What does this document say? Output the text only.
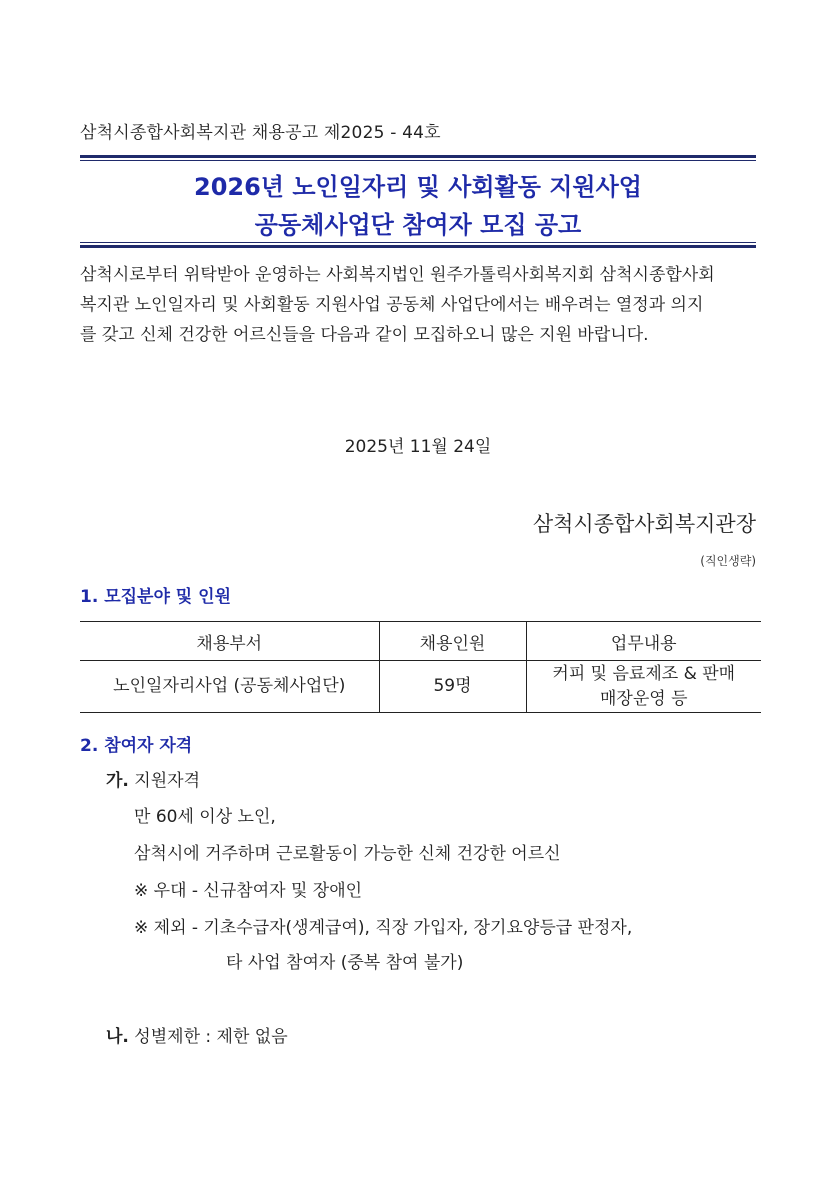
삼척시종합사회복지관 채용공고 제2025 - 44호
2026년 노인일자리 및 사회활동 지원사업
공동체사업단 참여자 모집 공고
삼척시로부터 위탁받아 운영하는 사회복지법인 원주가톨릭사회복지회 삼척시종합사회
복지관 노인일자리 및 사회활동 지원사업 공동체 사업단에서는 배우려는 열정과 의지
를 갖고 신체 건강한 어르신들을 다음과 같이 모집하오니 많은 지원 바랍니다.
2025년 11월 24일
삼척시종합사회복지관장
(직인생략)
1. 모집분야 및 인원
채용부서	채용인원	업무내용
노인일자리사업 (공동체사업단)	59명	커피 및 음료제조 & 판매
매장운영 등
2. 참여자 자격
가. 지원자격
만 60세 이상 노인,
삼척시에 거주하며 근로활동이 가능한 신체 건강한 어르신
※ 우대 - 신규참여자 및 장애인
※ 제외 - 기초수급자(생계급여), 직장 가입자, 장기요양등급 판정자,
타 사업 참여자 (중복 참여 불가)
나. 성별제한 : 제한 없음
